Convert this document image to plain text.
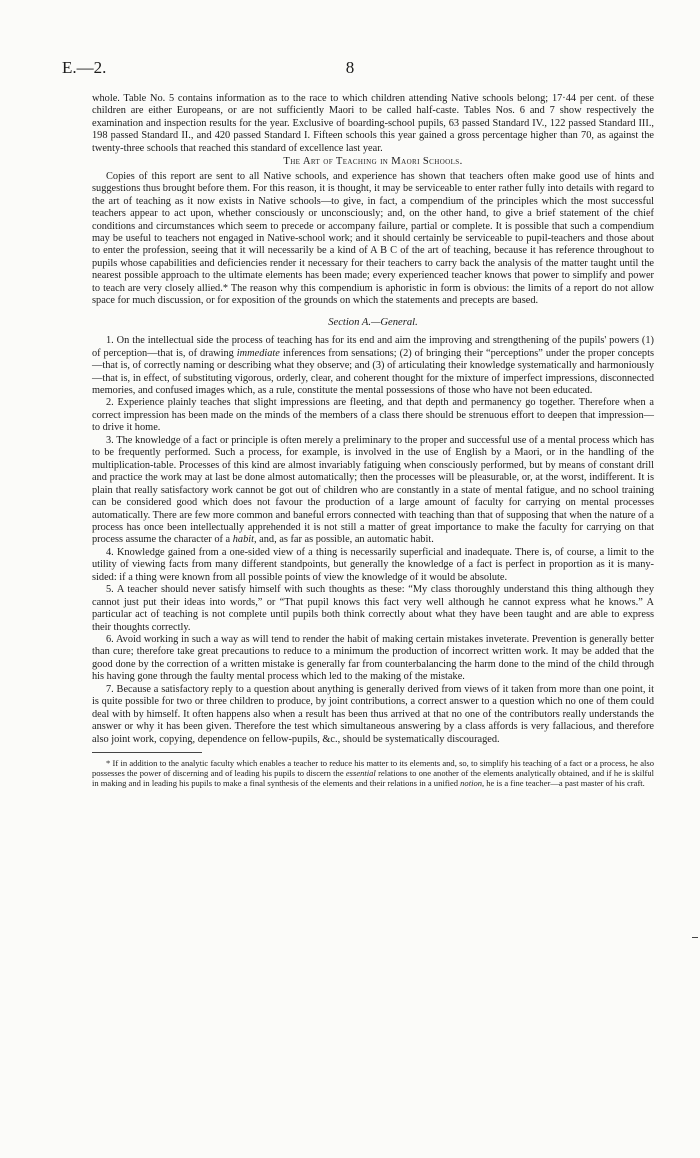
E.—2.	8

whole. Table No. 5 contains information as to the race to which children attending Native schools belong; 17·44 per cent. of these children are either Europeans, or are not sufficiently Maori to be called half-caste. Tables Nos. 6 and 7 show respectively the examination and inspection results for the year. Exclusive of boarding-school pupils, 63 passed Standard IV., 122 passed Standard III., 198 passed Standard II., and 420 passed Standard I. Fifteen schools this year gained a gross percentage higher than 70, as against the twenty-three schools that reached this standard of excellence last year.

The Art of Teaching in Maori Schools.

Copies of this report are sent to all Native schools, and experience has shown that teachers often make good use of hints and suggestions thus brought before them. For this reason, it is thought, it may be serviceable to enter rather fully into details with regard to the art of teaching as it now exists in Native schools—to give, in fact, a compendium of the principles which the most successful teachers appear to act upon, whether consciously or unconsciously; and, on the other hand, to give a brief statement of the chief conditions and circumstances which seem to precede or accompany failure, partial or complete. It is possible that such a compendium may be useful to teachers not engaged in Native-school work; and it should certainly be serviceable to pupil-teachers and those about to enter the profession, seeing that it will necessarily be a kind of A B C of the art of teaching, because it has reference throughout to pupils whose capabilities and deficiencies render it necessary for their teachers to carry back the analysis of the matter taught until the nearest possible approach to the ultimate elements has been made; every experienced teacher knows that power to simplify and power to teach are very closely allied.* The reason why this compendium is aphoristic in form is obvious: the limits of a report do not allow space for much discussion, or for exposition of the grounds on which the statements and precepts are based.

Section A.—General.

1. On the intellectual side the process of teaching has for its end and aim the improving and strengthening of the pupils' powers (1) of perception—that is, of drawing immediate inferences from sensations; (2) of bringing their “perceptions” under the proper concepts—that is, of correctly naming or describing what they observe; and (3) of articulating their knowledge systematically and harmoniously—that is, in effect, of substituting vigorous, orderly, clear, and coherent thought for the mixture of imperfect impressions, disconnected memories, and confused images which, as a rule, constitute the mental possessions of those who have not been educated.

2. Experience plainly teaches that slight impressions are fleeting, and that depth and permanency go together. Therefore when a correct impression has been made on the minds of the members of a class there should be strenuous effort to deepen that impression—to drive it home.

3. The knowledge of a fact or principle is often merely a preliminary to the proper and successful use of a mental process which has to be frequently performed. Such a process, for example, is involved in the use of English by a Maori, or in the handling of the multiplication-table. Processes of this kind are almost invariably fatiguing when consciously performed, but by means of constant drill and practice the work may at last be done almost automatically; then the processes will be pleasurable, or, at the worst, indifferent. It is plain that really satisfactory work cannot be got out of children who are constantly in a state of mental fatigue, and no school training can be considered good which does not favour the production of a large amount of faculty for carrying on mental processes automatically. There are few more common and baneful errors connected with teaching than that of supposing that when the nature of a process has once been intellectually apprehended it is not still a matter of great importance to make the faculty for carrying on that process assume the character of a habit, and, as far as possible, an automatic habit.

4. Knowledge gained from a one-sided view of a thing is necessarily superficial and inadequate. There is, of course, a limit to the utility of viewing facts from many different standpoints, but generally the knowledge of a fact is perfect in proportion as it is many-sided: if a thing were known from all possible points of view the knowledge of it would be absolute.

5. A teacher should never satisfy himself with such thoughts as these: “My class thoroughly understand this thing although they cannot just put their ideas into words,” or “That pupil knows this fact very well although he cannot express what he knows.” A particular act of teaching is not complete until pupils both think correctly about what they have been taught and are able to express their thoughts correctly.

6. Avoid working in such a way as will tend to render the habit of making certain mistakes inveterate. Prevention is generally better than cure; therefore take great precautions to reduce to a minimum the production of incorrect written work. It may be added that the good done by the correction of a written mistake is generally far from counterbalancing the harm done to the mind of the child through his having gone through the faulty mental process which led to the making of the mistake.

7. Because a satisfactory reply to a question about anything is generally derived from views of it taken from more than one point, it is quite possible for two or three children to produce, by joint contributions, a correct answer to a question which no one of them could deal with by himself. It often happens also when a result has been thus arrived at that no one of the contributors really understands the answer or why it has been given. Therefore the test which simultaneous answering by a class affords is very fallacious, and therefore also joint work, copying, dependence on fellow-pupils, &c., should be systematically discouraged.

* If in addition to the analytic faculty which enables a teacher to reduce his matter to its elements and, so, to simplify his teaching of a fact or a process, he also possesses the power of discerning and of leading his pupils to discern the essential relations to one another of the elements analytically obtained, and if he is skilful in making and in leading his pupils to make a final synthesis of the elements and their relations in a unified notion, he is a fine teacher—a past master of his craft.
